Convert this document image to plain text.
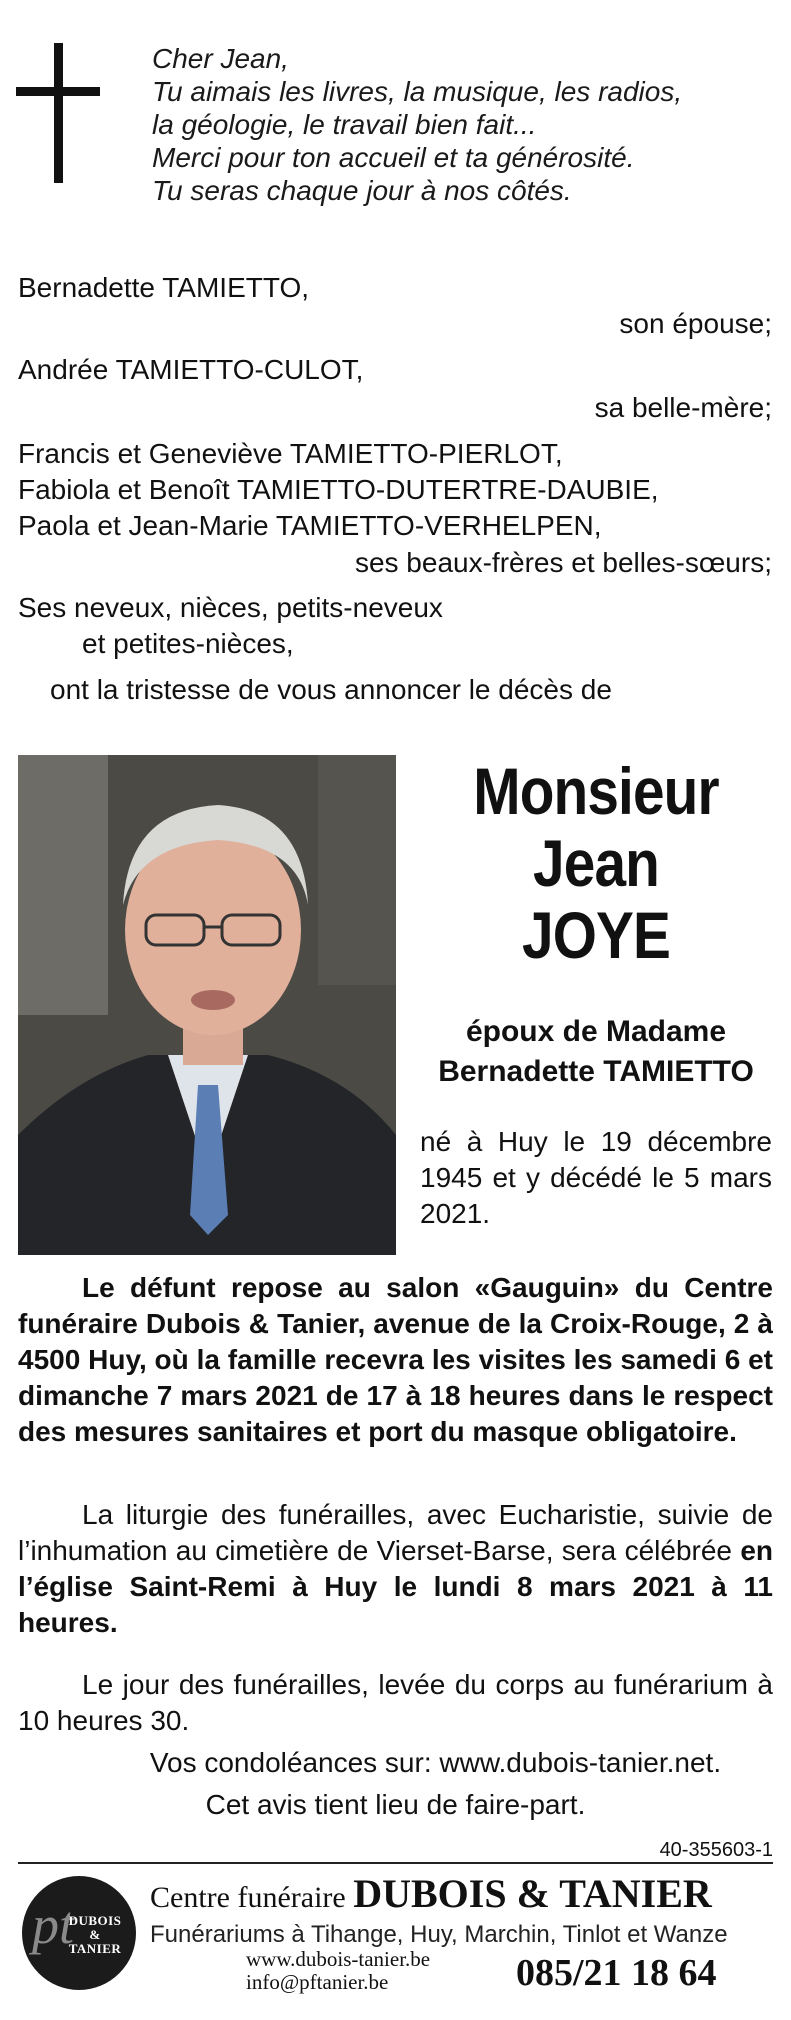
Cher Jean,
Tu aimais les livres, la musique, les radios,
la géologie, le travail bien fait...
Merci pour ton accueil et ta générosité.
Tu seras chaque jour à nos côtés.
Bernadette TAMIETTO,
son épouse;
Andrée TAMIETTO-CULOT,
sa belle-mère;
Francis et Geneviève TAMIETTO-PIERLOT,
Fabiola et Benoît TAMIETTO-DUTERTRE-DAUBIE,
Paola et Jean-Marie TAMIETTO-VERHELPEN,
ses beaux-frères et belles-sœurs;
Ses neveux, nièces, petits-neveux
et petites-nièces,
ont la tristesse de vous annoncer le décès de
Monsieur
Jean
JOYE
époux de Madame
Bernadette TAMIETTO
né à Huy le 19 décembre 1945 et y décédé le 5 mars 2021.
Le défunt repose au salon «Gauguin» du Centre funéraire Dubois & Tanier, avenue de la Croix-Rouge, 2 à 4500 Huy, où la famille recevra les visites les samedi 6 et dimanche 7 mars 2021 de 17 à 18 heures dans le respect des mesures sanitaires et port du masque obligatoire.
La liturgie des funérailles, avec Eucharistie, suivie de l’inhumation au cimetière de Vierset-Barse, sera célébrée en l’église Saint-Remi à Huy le lundi 8 mars 2021 à 11 heures.
Le jour des funérailles, levée du corps au funérarium à 10 heures 30.
Vos condoléances sur: www.dubois-tanier.net.
Cet avis tient lieu de faire-part.
40-355603-1
pt
DUBOIS
&
TANIER
Centre funéraire DUBOIS & TANIER
Funérariums à Tihange, Huy, Marchin, Tinlot et Wanze
www.dubois-tanier.be
info@pftanier.be	085/21 18 64
